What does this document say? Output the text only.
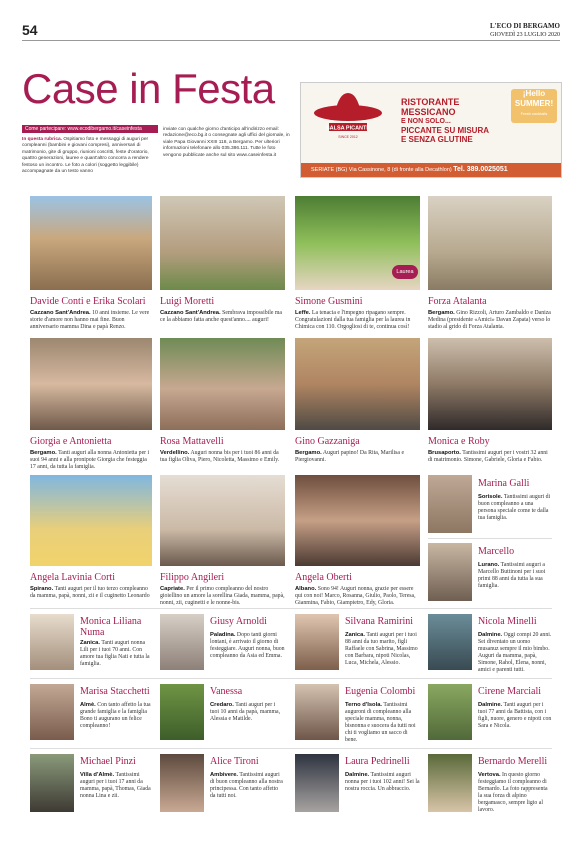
54	L'ECO DI BERGAMO
GIOVEDÌ 23 LUGLIO 2020
Case in Festa
Come partecipare: www.ecodibergamo.it/caseinfesta
In questa rubrica. Ospitiamo foto e messaggi di auguri per compleanni (bambini e giovani compresi), anniversari di matrimonio, gite di gruppo, riunioni coscritti, feste d'oratorio, quattro generazioni, lauree e quant'altro concorra a rendere festoso un incontro. Le foto a colori (soggetto leggibile) accompagnate da un testo vanno
inviate con qualche giorno d'anticipo all'indirizzo email: redazione@eco.bg.it o consegnate agli uffici del giornale, in viale Papa Giovanni XXIII 118, a Bergamo. Per ulteriori informazioni telefonare allo 035.386.111. Tutte le foto vengono pubblicate anche sul sito www.caseinfesta.it
SALSA PICANTE
SINCE 2012
RISTORANTE
MESSICANO
E NON SOLO...
PICCANTE SU MISURA
E SENZA GLUTINE
¡Hello SUMMER!
Fresh cocktails
SERIATE (BG) Via Cassinone, 8 (di fronte alla Decathlon) Tel. 389.0025051
Laurea
Davide Conti e Erika Scolari
Cazzano Sant'Andrea. 10 anni insieme. Le vere storie d'amore non hanno mai fine. Buon anniversario mamma Dina e papà Renzo.
Luigi Moretti
Cazzano Sant'Andrea. Sembrava impossibile ma ce la abbiamo fatta anche quest'anno.... auguri!
Simone Gusmini
Leffe. La tenacia e l'impegno ripagano sempre. Congratulazioni dalla tua famiglia per la laurea in Chimica con 110. Orgogliosi di te, continua così!
Forza Atalanta
Bergamo. Gino Rizzoli, Arturo Zambaldo e Daniza Medina (presidente «Amici» Davan Zapata) verso lo stadio al grido di Forza Atalanta.
Giorgia e Antonietta
Bergamo. Tanti auguri alla nonna Antonietta per i suoi 94 anni e alla pronipote Giorgia che festeggia 17 anni, da tutta la famiglia.
Rosa Mattavelli
Verdellino. Auguri nonna bis per i tuoi 86 anni da tua figlia Oliva, Piero, Nicoletta, Massimo e Emily.
Gino Gazzaniga
Bergamo. Auguri papino! Da Rita, Marilisa e Piergiovanni.
Monica e Roby
Brusaporto. Tantissimi auguri per i vostri 32 anni di matrimonio. Simone, Gabriele, Gloria e Fabio.
Marina Galli
Sorisole. Tantissimi auguri di buon compleanno a una persona speciale come te dalla tua famiglia.
Marcello
Lurano. Tantissimi auguri a Marcello Buttinoni per i suoi primi 88 anni da tutta la sua famiglia.
Angela Lavinia Corti
Spirano. Tanti auguri per il tuo terzo compleanno da mamma, papà, nonni, zii e il cuginetto Leonardo
Filippo Angileri
Capriate. Per il primo compleanno del nostro gioiellino un amore la sorellina Giada, mamma, papà, nonni, zii, cuginetti e le nonne-bis.
Angela Oberti
Albano. Sono 94! Auguri nonna, grazie per essere qui con noi! Marco, Rosanna, Giulio, Paolo, Teresa, Gianmina, Fabio, Giampietro, Edy, Gloria.
Monica Liliana Numa
Zanica. Tanti auguri nonna Lili per i tuoi 70 anni. Con amore tua figlia Nati e tutta la famiglia.
Giusy Arnoldi
Paladina. Dopo tanti giorni lontani, è arrivato il giorno di festeggiare. Auguri nonna, buon compleanno da Asia ed Emma.
Silvana Ramirini
Zanica. Tanti auguri per i tuoi 88 anni da tuo marito, figli Raffaele con Sabrina, Massimo con Barbara, nipoti Nicolas, Luca, Michela, Alessio.
Nicola Minelli
Dalmine. Oggi compi 20 anni. Sei diventato un uomo musanuz sempre il mio bimbo. Auguri da mamma, papà, Simone, Rahol, Elena, nonni, amici e parenti tutti.
Marisa Stacchetti
Almè. Con tanto affetto la tua grande famiglia e la famiglia Bono ti augurano un felice compleanno!
Vanessa
Credaro. Tanti auguri per i tuoi 10 anni da papà, mamma, Alessia e Matilde.
Eugenia Colombi
Terno d'Isola. Tantissimi auguroni di compleanno alla speciale mamma, nonna, bisnonna e suocera da tutti noi chi ti vogliamo un sacco di bene.
Cirene Marciali
Dalmine. Tanti auguri per i tuoi 77 anni da Battista, con i figli, nuore, genero e nipoti con Sara e Nicola.
Michael Pinzi
Villa d'Almè. Tantissimi auguri per i tuoi 17 anni da mamma, papà, Thomas, Giada nonna Lina e zii.
Alice Tironi
Ambivere. Tantissimi auguri di buon compleanno alla nostra principessa. Con tanto affetto da tutti noi.
Laura Pedrinelli
Dalmine. Tantissimi auguri nonna per i tuoi 102 anni! Sei la nostra roccia. Un abbraccio.
Bernardo Merelli
Vertova. In questo giorno festeggiamo il compleanno di Bernardo. La foto rappresenta la sua forza di alpino bergamasco, sempre ligio al lavoro.
